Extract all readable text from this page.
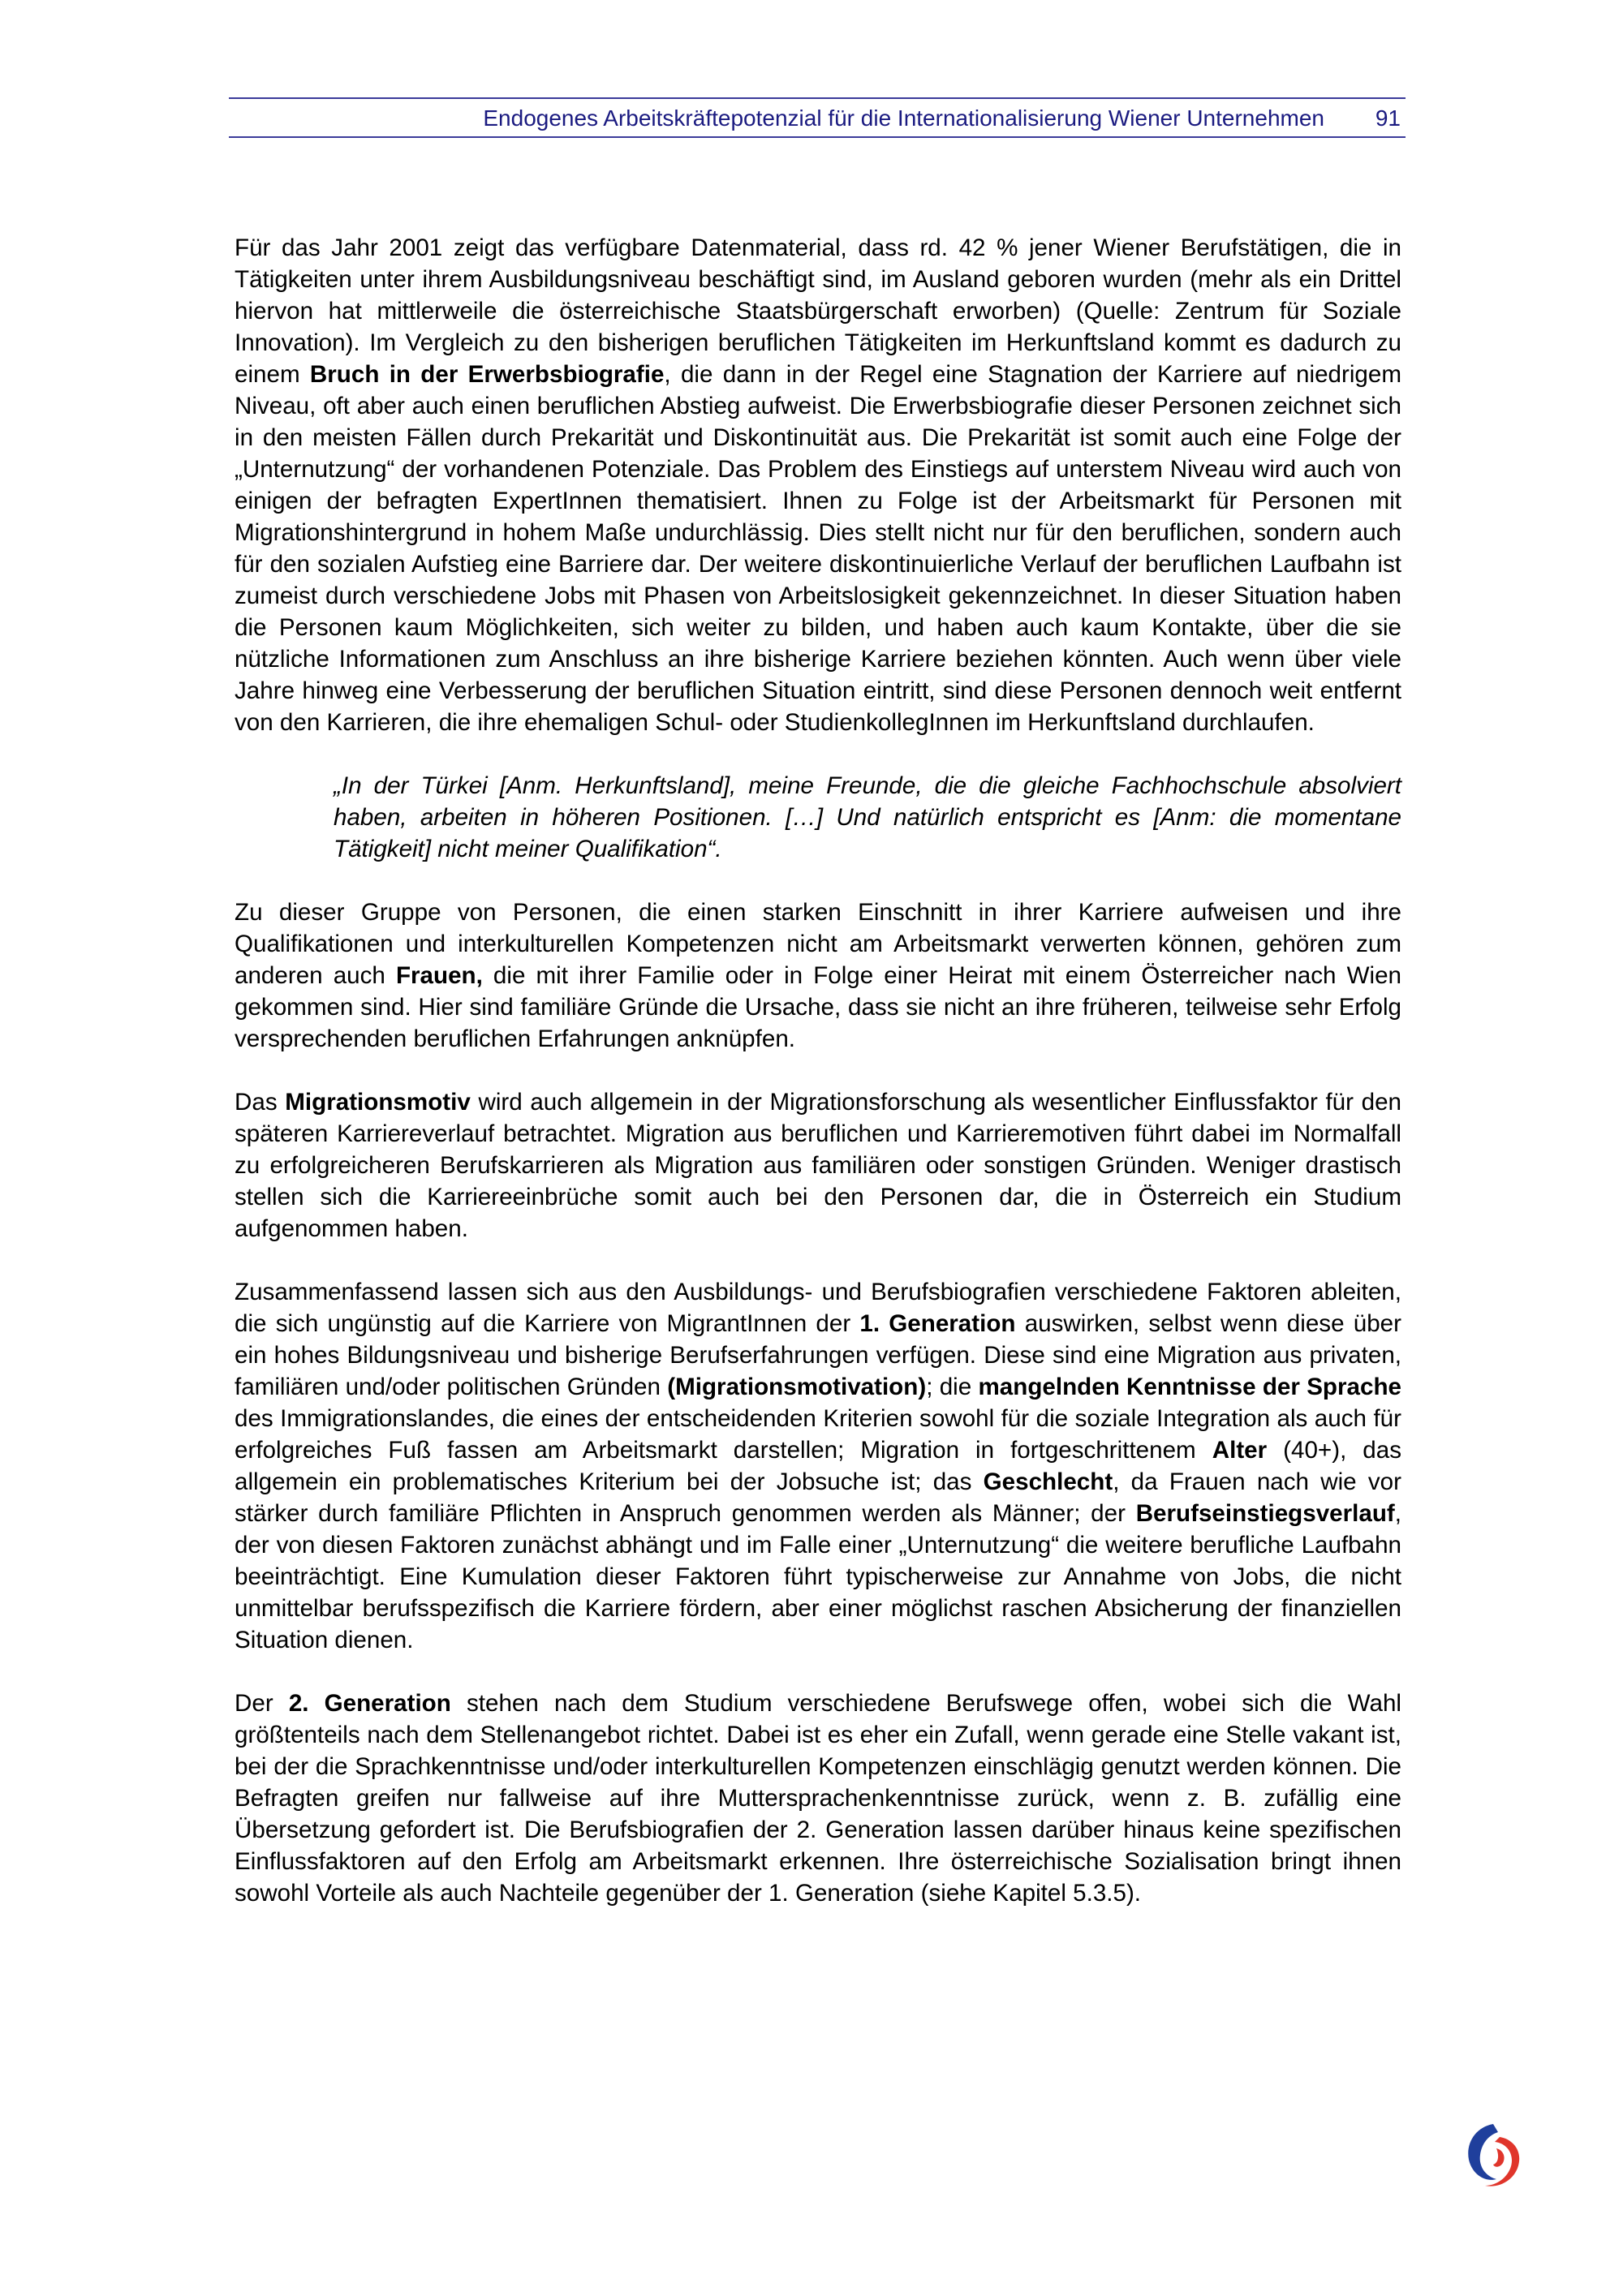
Endogenes Arbeitskräftepotenzial für die Internationalisierung Wiener Unternehmen 91

Für das Jahr 2001 zeigt das verfügbare Datenmaterial, dass rd. 42 % jener Wiener Berufstätigen, die in Tätigkeiten unter ihrem Ausbildungsniveau beschäftigt sind, im Ausland geboren wurden (mehr als ein Drittel hiervon hat mittlerweile die österreichische Staatsbürgerschaft erworben) (Quelle: Zentrum für Soziale Innovation). Im Vergleich zu den bisherigen beruflichen Tätigkeiten im Herkunftsland kommt es dadurch zu einem Bruch in der Erwerbsbiografie, die dann in der Regel eine Stagnation der Karriere auf niedrigem Niveau, oft aber auch einen beruflichen Abstieg aufweist. Die Erwerbsbiografie dieser Personen zeichnet sich in den meisten Fällen durch Prekarität und Diskontinuität aus. Die Prekarität ist somit auch eine Folge der „Unternutzung“ der vorhandenen Potenziale. Das Problem des Einstiegs auf unterstem Niveau wird auch von einigen der befragten ExpertInnen thematisiert. Ihnen zu Folge ist der Arbeitsmarkt für Personen mit Migrationshintergrund in hohem Maße undurchlässig. Dies stellt nicht nur für den beruflichen, sondern auch für den sozialen Aufstieg eine Barriere dar. Der weitere diskontinuierliche Verlauf der beruflichen Laufbahn ist zumeist durch verschiedene Jobs mit Phasen von Arbeitslosigkeit gekennzeichnet. In dieser Situation haben die Personen kaum Möglichkeiten, sich weiter zu bilden, und haben auch kaum Kontakte, über die sie nützliche Informationen zum Anschluss an ihre bisherige Karriere beziehen könnten. Auch wenn über viele Jahre hinweg eine Verbesserung der beruflichen Situation eintritt, sind diese Personen dennoch weit entfernt von den Karrieren, die ihre ehemaligen Schul- oder StudienkollegInnen im Herkunftsland durchlaufen.

„In der Türkei [Anm. Herkunftsland], meine Freunde, die die gleiche Fachhochschule absolviert haben, arbeiten in höheren Positionen. […] Und natürlich entspricht es [Anm: die momentane Tätigkeit] nicht meiner Qualifikation“.

Zu dieser Gruppe von Personen, die einen starken Einschnitt in ihrer Karriere aufweisen und ihre Qualifikationen und interkulturellen Kompetenzen nicht am Arbeitsmarkt verwerten können, gehören zum anderen auch Frauen, die mit ihrer Familie oder in Folge einer Heirat mit einem Österreicher nach Wien gekommen sind. Hier sind familiäre Gründe die Ursache, dass sie nicht an ihre früheren, teilweise sehr Erfolg versprechenden beruflichen Erfahrungen anknüpfen.

Das Migrationsmotiv wird auch allgemein in der Migrationsforschung als wesentlicher Einflussfaktor für den späteren Karriereverlauf betrachtet. Migration aus beruflichen und Karrieremotiven führt dabei im Normalfall zu erfolgreicheren Berufskarrieren als Migration aus familiären oder sonstigen Gründen. Weniger drastisch stellen sich die Karriereeinbrüche somit auch bei den Personen dar, die in Österreich ein Studium aufgenommen haben.

Zusammenfassend lassen sich aus den Ausbildungs- und Berufsbiografien verschiedene Faktoren ableiten, die sich ungünstig auf die Karriere von MigrantInnen der 1. Generation auswirken, selbst wenn diese über ein hohes Bildungsniveau und bisherige Berufserfahrungen verfügen. Diese sind eine Migration aus privaten, familiären und/oder politischen Gründen (Migrationsmotivation); die mangelnden Kenntnisse der Sprache des Immigrationslandes, die eines der entscheidenden Kriterien sowohl für die soziale Integration als auch für erfolgreiches Fuß fassen am Arbeitsmarkt darstellen; Migration in fortgeschrittenem Alter (40+), das allgemein ein problematisches Kriterium bei der Jobsuche ist; das Geschlecht, da Frauen nach wie vor stärker durch familiäre Pflichten in Anspruch genommen werden als Männer; der Berufseinstiegsverlauf, der von diesen Faktoren zunächst abhängt und im Falle einer „Unternutzung“ die weitere berufliche Laufbahn beeinträchtigt. Eine Kumulation dieser Faktoren führt typischerweise zur Annahme von Jobs, die nicht unmittelbar berufsspezifisch die Karriere fördern, aber einer möglichst raschen Absicherung der finanziellen Situation dienen.

Der 2. Generation stehen nach dem Studium verschiedene Berufswege offen, wobei sich die Wahl größtenteils nach dem Stellenangebot richtet. Dabei ist es eher ein Zufall, wenn gerade eine Stelle vakant ist, bei der die Sprachkenntnisse und/oder interkulturellen Kompetenzen einschlägig genutzt werden können. Die Befragten greifen nur fallweise auf ihre Muttersprachenkenntnisse zurück, wenn z. B. zufällig eine Übersetzung gefordert ist. Die Berufsbiografien der 2. Generation lassen darüber hinaus keine spezifischen Einflussfaktoren auf den Erfolg am Arbeitsmarkt erkennen. Ihre österreichische Sozialisation bringt ihnen sowohl Vorteile als auch Nachteile gegenüber der 1. Generation (siehe Kapitel 5.3.5).
